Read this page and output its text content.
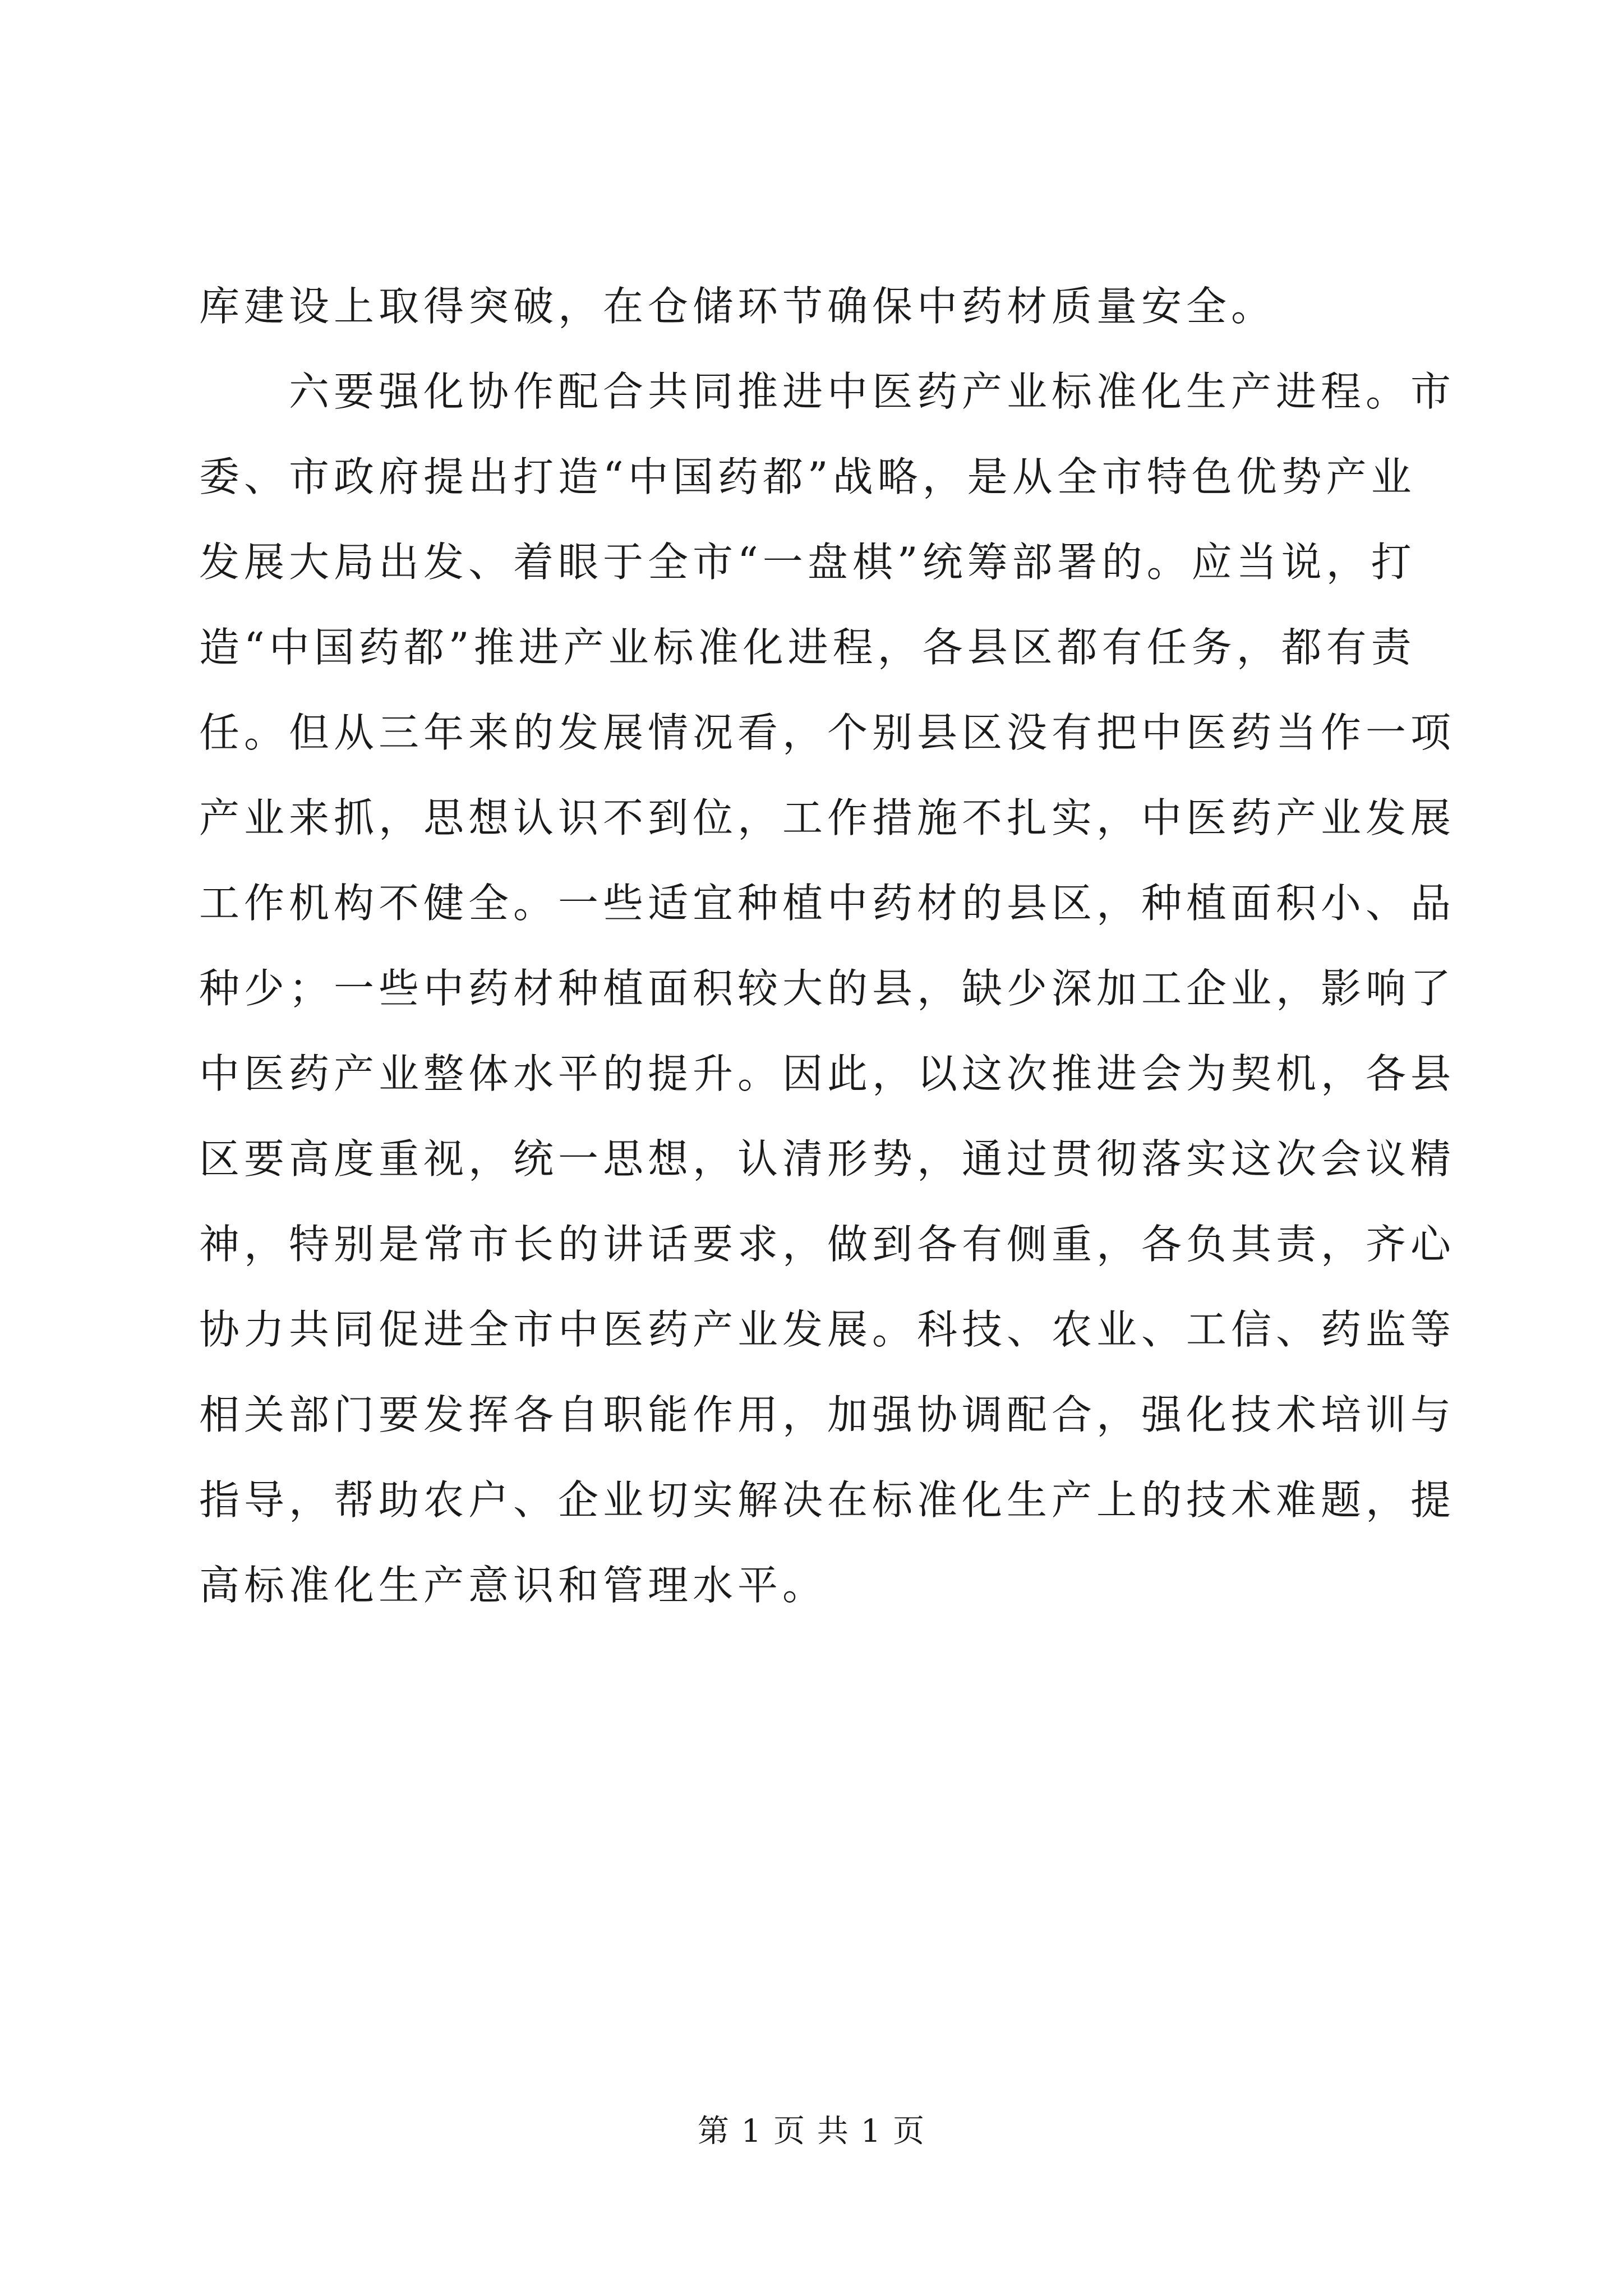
库建设上取得突破，在仓储环节确保中药材质量安全。
六要强化协作配合共同推进中医药产业标准化生产进程。市
委、市政府提出打造“中国药都”战略，是从全市特色优势产业
发展大局出发、着眼于全市“一盘棋”统筹部署的。应当说，打
造“中国药都”推进产业标准化进程，各县区都有任务，都有责
任。但从三年来的发展情况看，个别县区没有把中医药当作一项
产业来抓，思想认识不到位，工作措施不扎实，中医药产业发展
工作机构不健全。一些适宜种植中药材的县区，种植面积小、品
种少；一些中药材种植面积较大的县，缺少深加工企业，影响了
中医药产业整体水平的提升。因此，以这次推进会为契机，各县
区要高度重视，统一思想，认清形势，通过贯彻落实这次会议精
神，特别是常市长的讲话要求，做到各有侧重，各负其责，齐心
协力共同促进全市中医药产业发展。科技、农业、工信、药监等
相关部门要发挥各自职能作用，加强协调配合，强化技术培训与
指导，帮助农户、企业切实解决在标准化生产上的技术难题，提
高标准化生产意识和管理水平。
第 1 页 共 1 页
